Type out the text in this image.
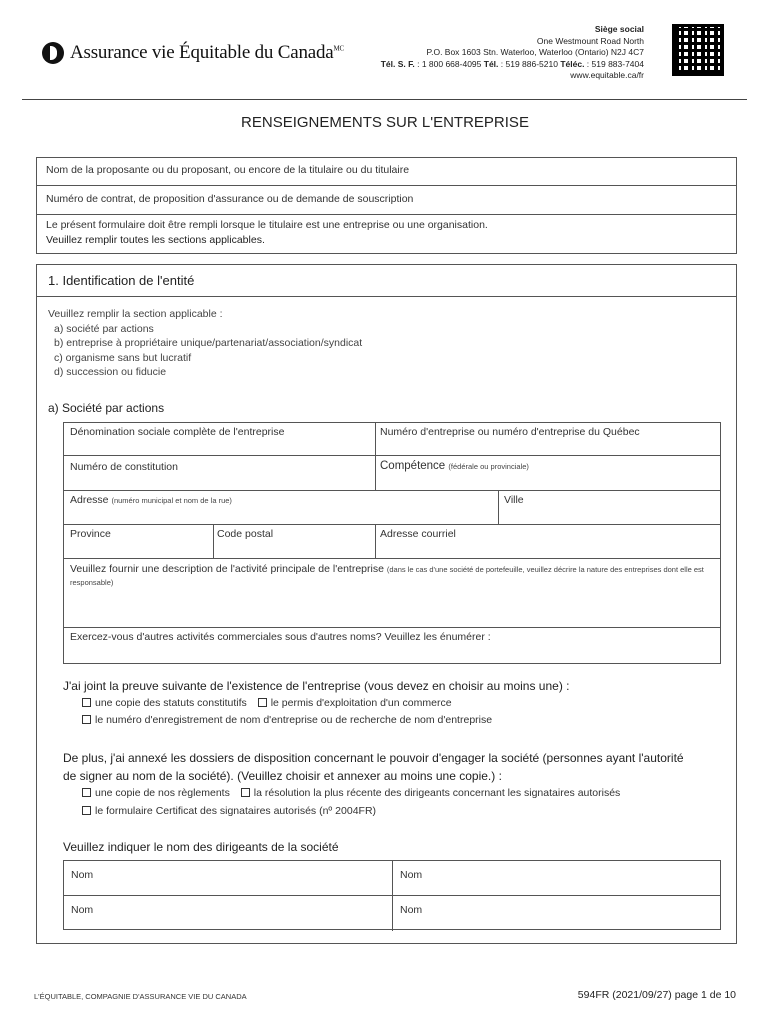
Assurance vie Équitable du Canada$^{MC}$
Siège social
One Westmount Road North
P.O. Box 1603 Stn. Waterloo, Waterloo (Ontario) N2J 4C7
Tél. S. F. : 1 800 668-4095 Tél. : 519 886-5210 Téléc. : 519 883-7404
www.equitable.ca/fr
RENSEIGNEMENTS SUR L'ENTREPRISE
Nom de la proposante ou du proposant, ou encore de la titulaire ou du titulaire
Numéro de contrat, de proposition d'assurance ou de demande de souscription
Le présent formulaire doit être rempli lorsque le titulaire est une entreprise ou une organisation.
Veuillez remplir toutes les sections applicables.
1. Identification de l'entité
Veuillez remplir la section applicable :
a) société par actions
b) entreprise à propriétaire unique/partenariat/association/syndicat
c) organisme sans but lucratif
d) succession ou fiducie
a) Société par actions
Dénomination sociale complète de l'entreprise	Numéro d'entreprise ou numéro d'entreprise du Québec
Numéro de constitution	Compétence (fédérale ou provinciale)
Adresse (numéro municipal et nom de la rue)	Ville
Province	Code postal	Adresse courriel
Veuillez fournir une description de l'activité principale de l'entreprise (dans le cas d'une société de portefeuille, veuillez décrire la nature des entreprises dont elle est responsable)
Exercez-vous d'autres activités commerciales sous d'autres noms? Veuillez les énumérer :
J'ai joint la preuve suivante de l'existence de l'entreprise (vous devez en choisir au moins une) :
une copie des statuts constitutifs le permis d'exploitation d'un commerce
le numéro d'enregistrement de nom d'entreprise ou de recherche de nom d'entreprise
De plus, j'ai annexé les dossiers de disposition concernant le pouvoir d'engager la société (personnes ayant l'autorité
de signer au nom de la société). (Veuillez choisir et annexer au moins une copie.) :
une copie de nos règlements la résolution la plus récente des dirigeants concernant les signataires autorisés
le formulaire Certificat des signataires autorisés (nº 2004FR)
Veuillez indiquer le nom des dirigeants de la société
Nom	Nom
Nom	Nom
L'ÉQUITABLE, COMPAGNIE D'ASSURANCE VIE DU CANADA	594FR (2021/09/27) page 1 de 10
